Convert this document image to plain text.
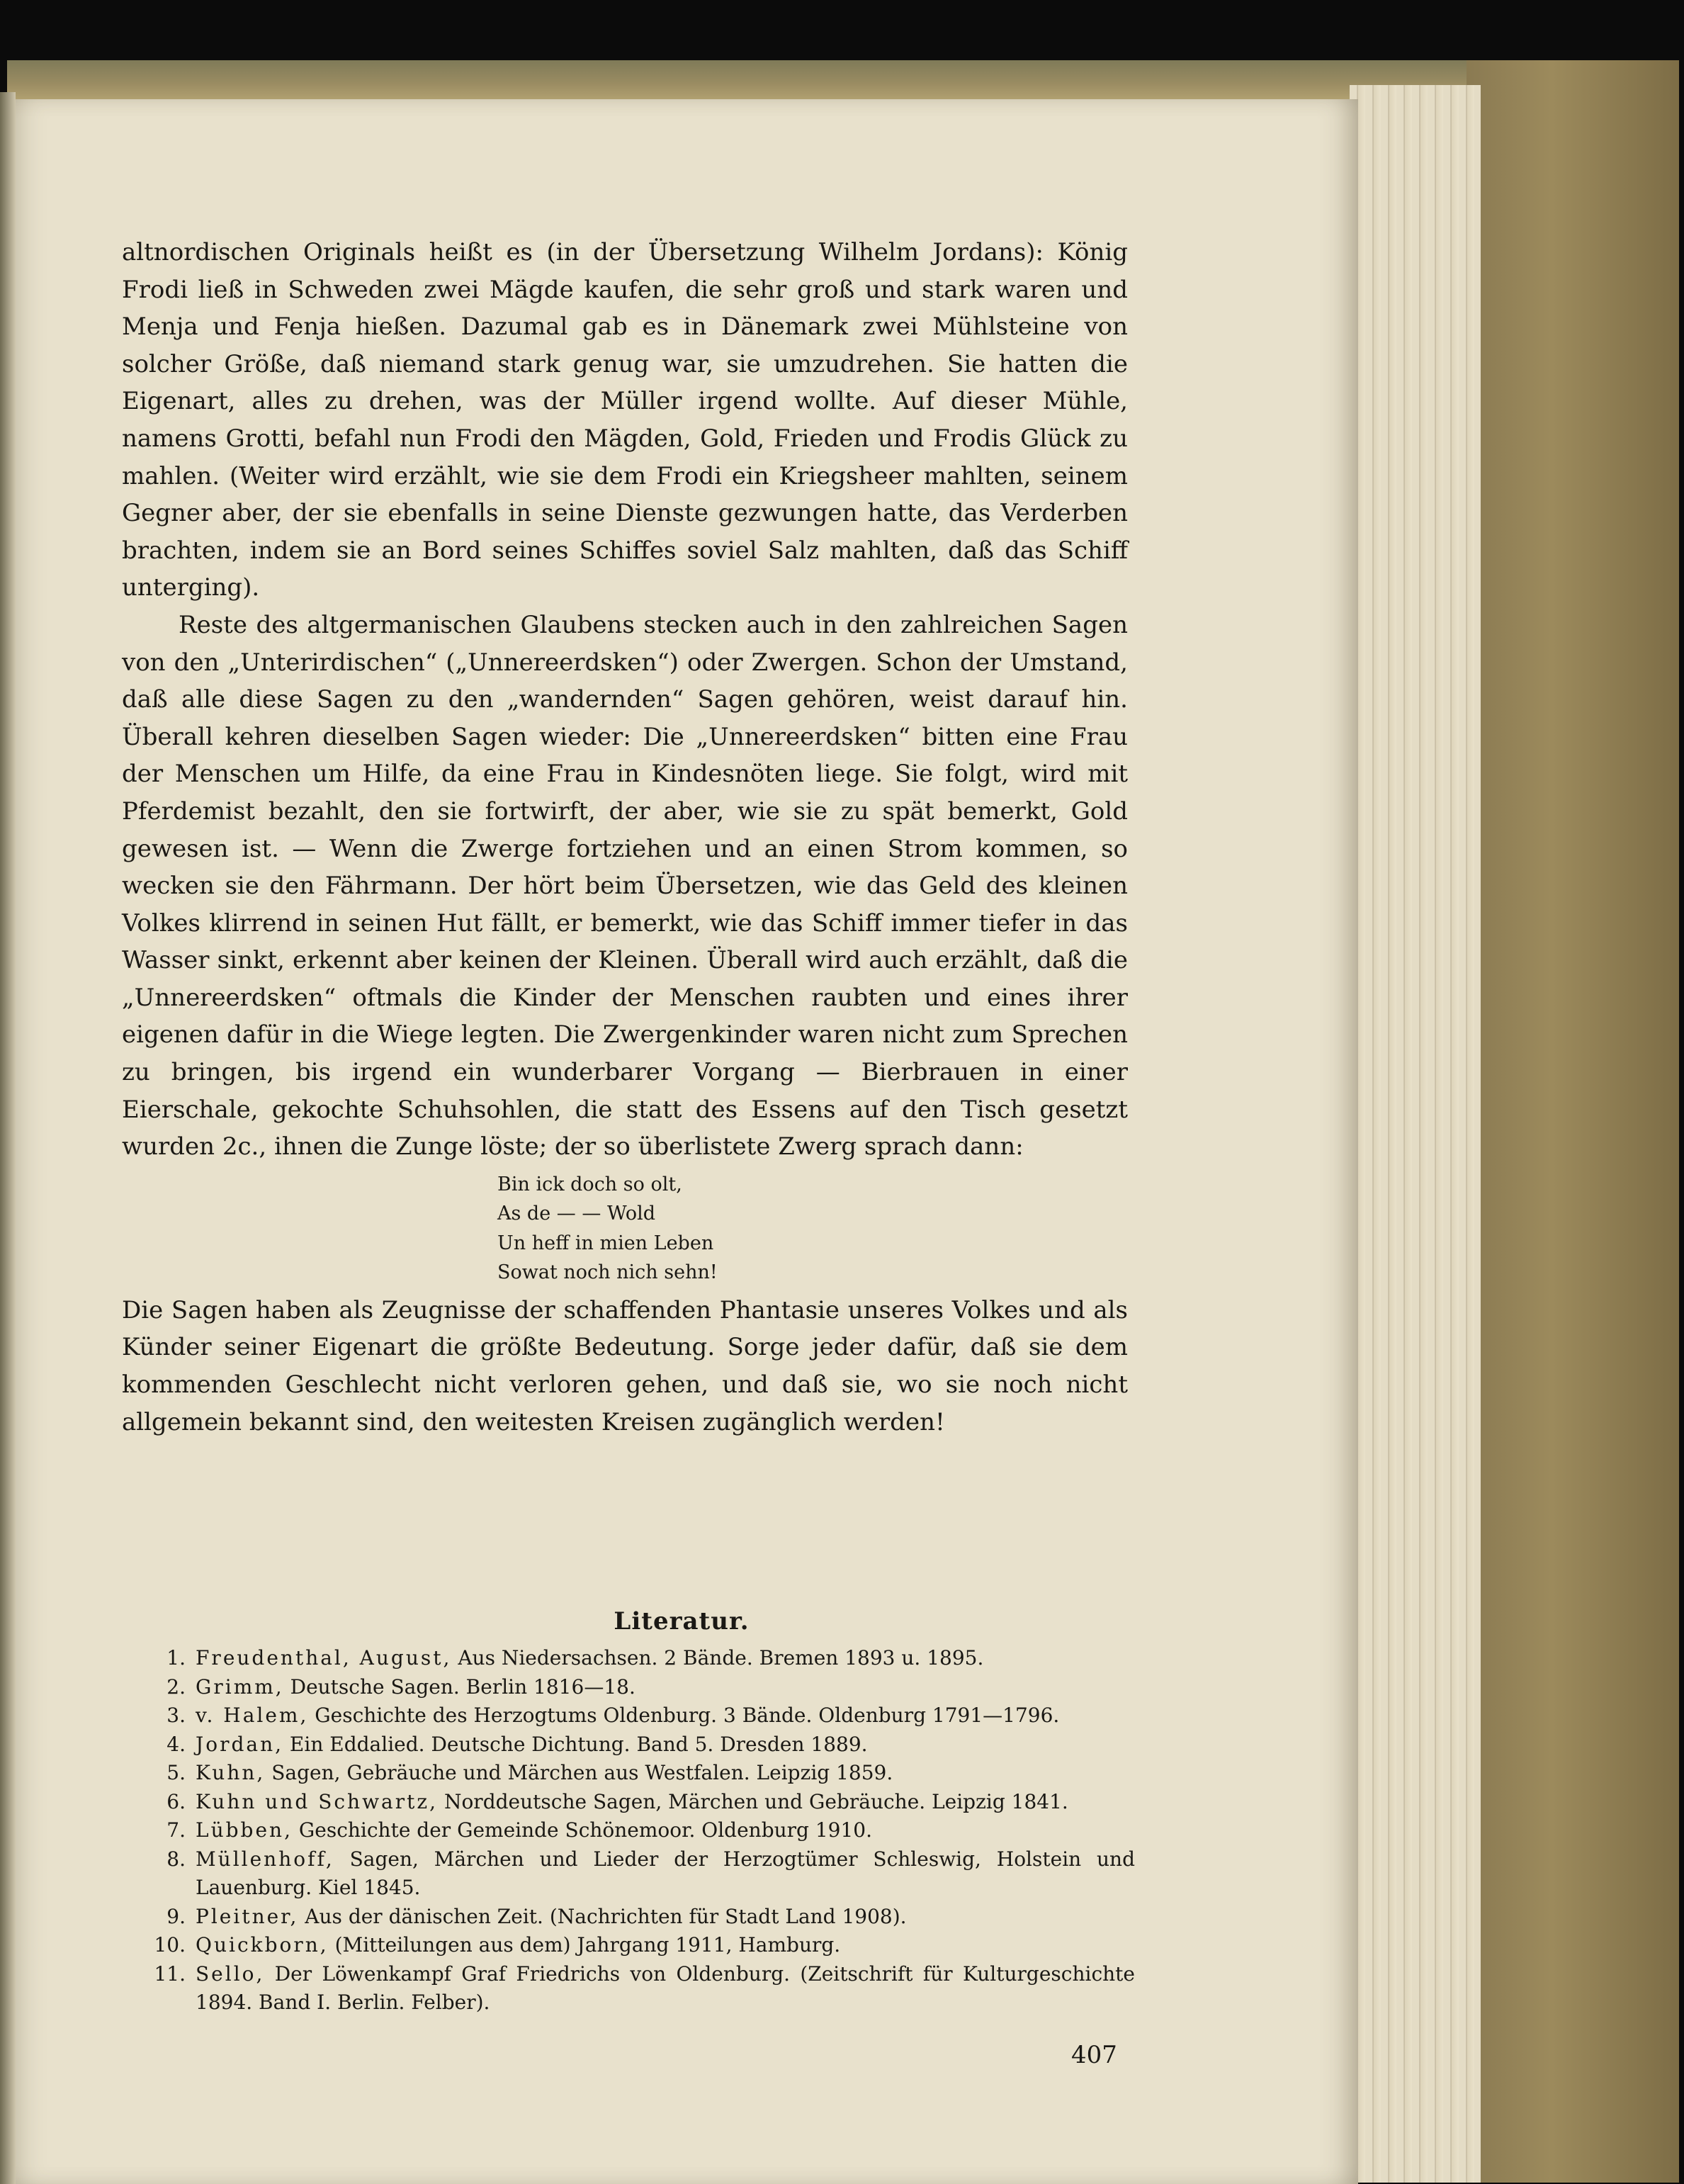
altnordischen Originals heißt es (in der Übersetzung Wilhelm Jordans): König Frodi ließ in Schweden zwei Mägde kaufen, die sehr groß und stark waren und Menja und Fenja hießen. Dazumal gab es in Dänemark zwei Mühlsteine von solcher Größe, daß niemand stark genug war, sie umzudrehen. Sie hatten die Eigenart, alles zu drehen, was der Müller irgend wollte. Auf dieser Mühle, namens Grotti, befahl nun Frodi den Mägden, Gold, Frieden und Frodis Glück zu mahlen. (Weiter wird erzählt, wie sie dem Frodi ein Kriegsheer mahlten, seinem Gegner aber, der sie ebenfalls in seine Dienste gezwungen hatte, das Verderben brachten, indem sie an Bord seines Schiffes soviel Salz mahlten, daß das Schiff unterging).

Reste des altgermanischen Glaubens stecken auch in den zahlreichen Sagen von den „Unterirdischen“ („Unnereerdsken“) oder Zwergen. Schon der Umstand, daß alle diese Sagen zu den „wandernden“ Sagen gehören, weist darauf hin. Überall kehren dieselben Sagen wieder: Die „Unnereerdsken“ bitten eine Frau der Menschen um Hilfe, da eine Frau in Kindesnöten liege. Sie folgt, wird mit Pferdemist bezahlt, den sie fortwirft, der aber, wie sie zu spät bemerkt, Gold gewesen ist. — Wenn die Zwerge fortziehen und an einen Strom kommen, so wecken sie den Fährmann. Der hört beim Übersetzen, wie das Geld des kleinen Volkes klirrend in seinen Hut fällt, er bemerkt, wie das Schiff immer tiefer in das Wasser sinkt, erkennt aber keinen der Kleinen. Überall wird auch erzählt, daß die „Unnereerdsken“ oftmals die Kinder der Menschen raubten und eines ihrer eigenen dafür in die Wiege legten. Die Zwergenkinder waren nicht zum Sprechen zu bringen, bis irgend ein wunderbarer Vorgang — Bierbrauen in einer Eierschale, gekochte Schuhsohlen, die statt des Essens auf den Tisch gesetzt wurden 2c., ihnen die Zunge löste; der so überlistete Zwerg sprach dann:

Bin ick doch so olt,
As de — — Wold
Un heff in mien Leben
Sowat noch nich sehn!

Die Sagen haben als Zeugnisse der schaffenden Phantasie unseres Volkes und als Künder seiner Eigenart die größte Bedeutung. Sorge jeder dafür, daß sie dem kommenden Geschlecht nicht verloren gehen, und daß sie, wo sie noch nicht allgemein bekannt sind, den weitesten Kreisen zugänglich werden!

Literatur.
1. Freudenthal, August, Aus Niedersachsen. 2 Bände. Bremen 1893 u. 1895.
2. Grimm, Deutsche Sagen. Berlin 1816—18.
3. v. Halem, Geschichte des Herzogtums Oldenburg. 3 Bände. Oldenburg 1791—1796.
4. Jordan, Ein Eddalied. Deutsche Dichtung. Band 5. Dresden 1889.
5. Kuhn, Sagen, Gebräuche und Märchen aus Westfalen. Leipzig 1859.
6. Kuhn und Schwartz, Norddeutsche Sagen, Märchen und Gebräuche. Leipzig 1841.
7. Lübben, Geschichte der Gemeinde Schönemoor. Oldenburg 1910.
8. Müllenhoff, Sagen, Märchen und Lieder der Herzogtümer Schleswig, Holstein und Lauenburg. Kiel 1845.
9. Pleitner, Aus der dänischen Zeit. (Nachrichten für Stadt Land 1908).
10. Quickborn, (Mitteilungen aus dem) Jahrgang 1911, Hamburg.
11. Sello, Der Löwenkampf Graf Friedrichs von Oldenburg. (Zeitschrift für Kulturgeschichte 1894. Band I. Berlin. Felber).
407
